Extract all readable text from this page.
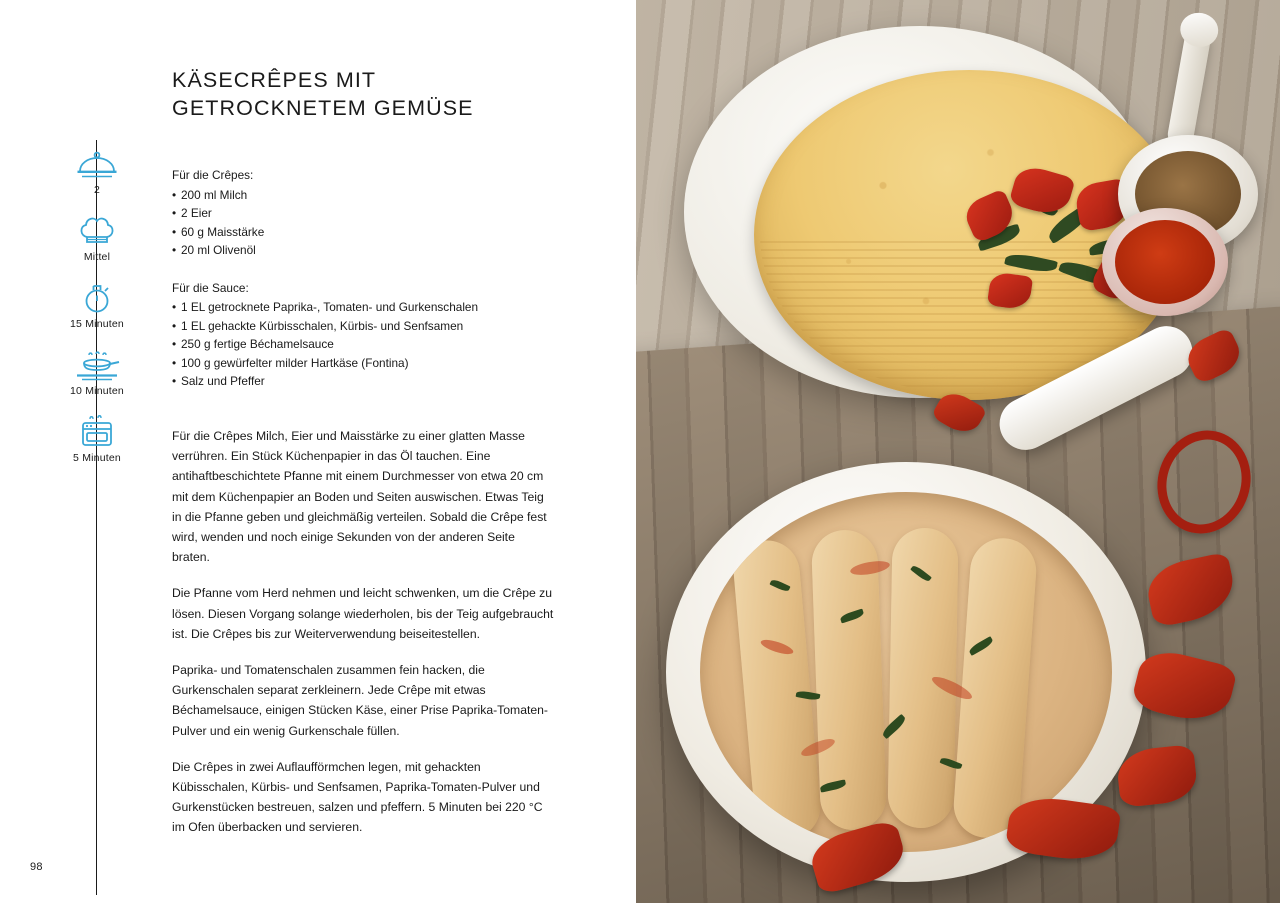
98
KÄSECRÊPES MIT
GETROCKNETEM GEMÜSE
2
Mittel
15 Minuten
10 Minuten
5 Minuten
Für die Crêpes:
• 200 ml Milch
• 2 Eier
• 60 g Maisstärke
• 20 ml Olivenöl
Für die Sauce:
• 1 EL getrocknete Paprika-, Tomaten- und Gurkenschalen
• 1 EL gehackte Kürbisschalen, Kürbis- und Senfsamen
• 250 g fertige Béchamelsauce
• 100 g gewürfelter milder Hartkäse (Fontina)
• Salz und Pfeffer

Für die Crêpes Milch, Eier und Maisstärke zu einer glatten Masse verrühren. Ein Stück Küchenpapier in das Öl tauchen. Eine antihaftbeschichtete Pfanne mit einem Durchmesser von etwa 20 cm mit dem Küchenpapier an Boden und Seiten auswischen. Etwas Teig in die Pfanne geben und gleichmäßig verteilen. Sobald die Crêpe fest wird, wenden und noch einige Sekunden von der anderen Seite braten.

Die Pfanne vom Herd nehmen und leicht schwenken, um die Crêpe zu lösen. Diesen Vorgang solange wiederholen, bis der Teig aufgebraucht ist. Die Crêpes bis zur Weiterverwendung beiseitestellen.

Paprika- und Tomatenschalen zusammen fein hacken, die Gurkenschalen separat zerkleinern. Jede Crêpe mit etwas Béchamelsauce, einigen Stücken Käse, einer Prise Paprika-Tomaten-Pulver und ein wenig Gurkenschale füllen.

Die Crêpes in zwei Auflaufförmchen legen, mit gehackten Kübisschalen, Kürbis- und Senfsamen, Paprika-Tomaten-Pulver und Gurkenstücken bestreuen, salzen und pfeffern. 5 Minuten bei 220 °C im Ofen überbacken und servieren.
